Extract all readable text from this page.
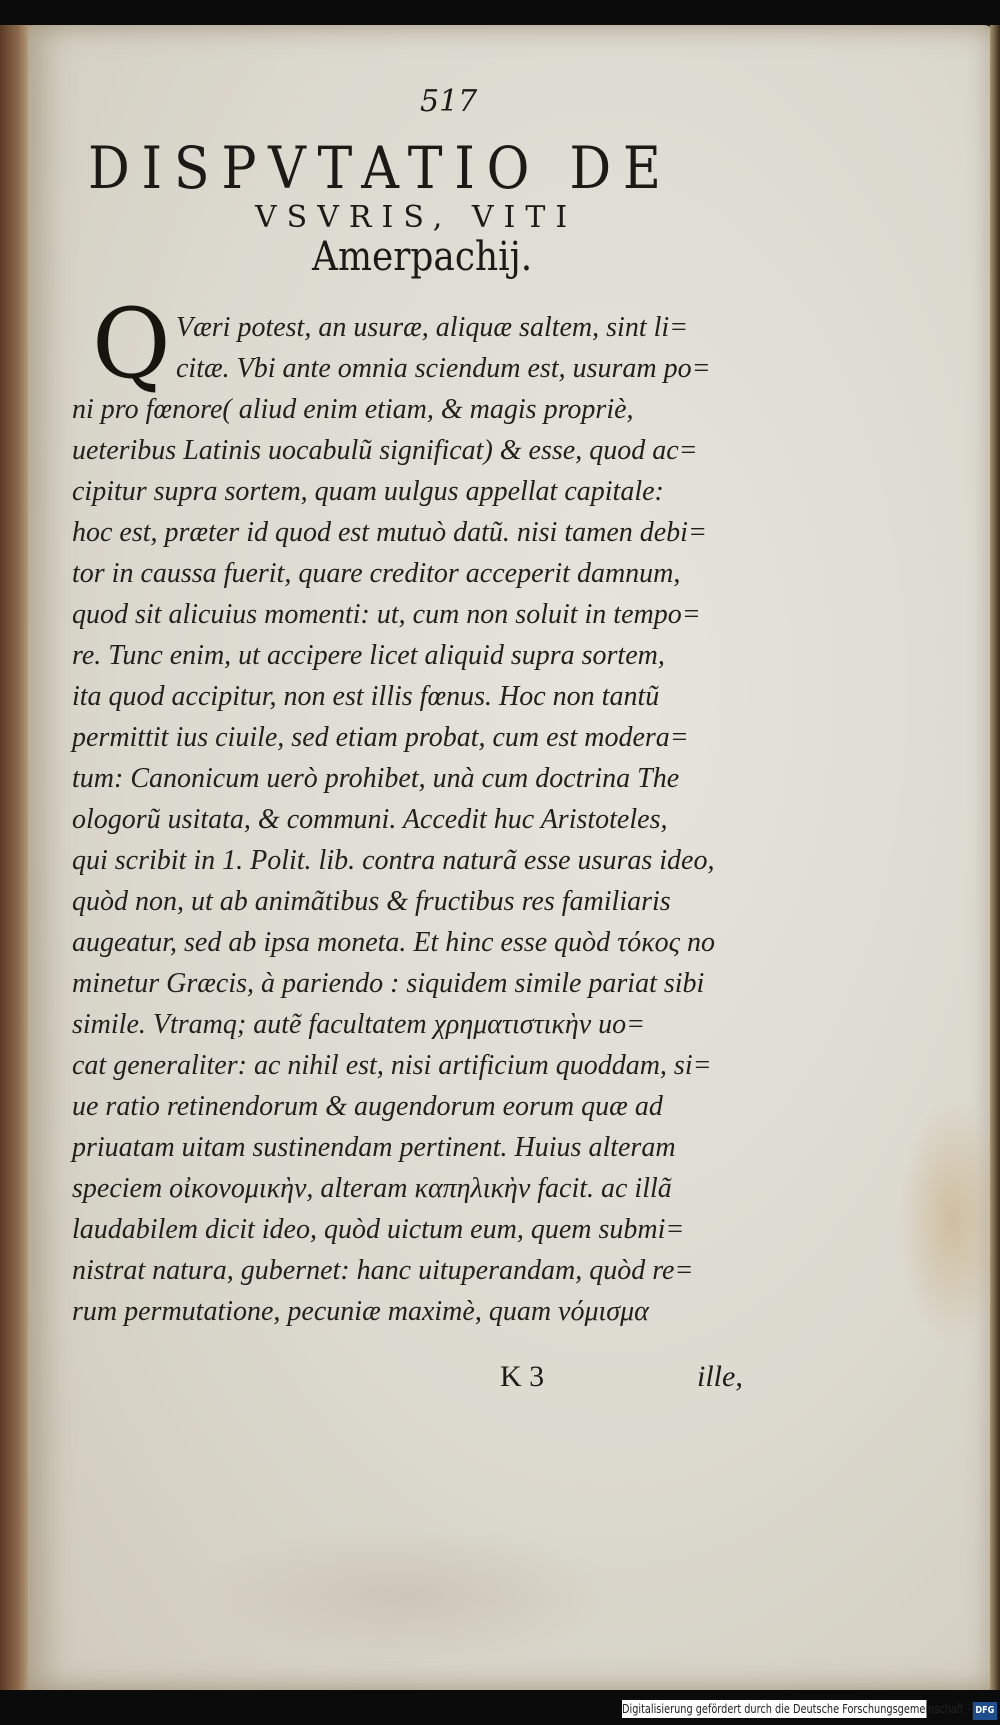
517
DISPVTATIO DE
VSVRIS, VITI
Amerpachij.
Q Væri potest, an usuræ, aliquæ saltem, sint li=
citæ. Vbi ante omnia sciendum est, usuram po=
ni pro fœnore( aliud enim etiam, & magis propriè,
ueteribus Latinis uocabulũ significat) & esse, quod ac=
cipitur supra sortem, quam uulgus appellat capitale:
hoc est, præter id quod est mutuò datũ. nisi tamen debi=
tor in caussa fuerit, quare creditor acceperit damnum,
quod sit alicuius momenti: ut, cum non soluit in tempo=
re. Tunc enim, ut accipere licet aliquid supra sortem,
ita quod accipitur, non est illis fœnus. Hoc non tantũ
permittit ius ciuile, sed etiam probat, cum est modera=
tum: Canonicum uerò prohibet, unà cum doctrina The
ologorũ usitata, & communi. Accedit huc Aristoteles,
qui scribit in 1. Polit. lib. contra naturã esse usuras ideo,
quòd non, ut ab animãtibus & fructibus res familiaris
augeatur, sed ab ipsa moneta. Et hinc esse quòd τόκος no
minetur Græcis, à pariendo : siquidem simile pariat sibi
simile. Vtramq; autẽ facultatem χρηματιστικὴν uo=
cat generaliter: ac nihil est, nisi artificium quoddam, si=
ue ratio retinendorum & augendorum eorum quæ ad
priuatam uitam sustinendam pertinent. Huius alteram
speciem οἰκονομικὴν, alteram καπηλικὴν facit. ac illã
laudabilem dicit ideo, quòd uictum eum, quem submi=
nistrat natura, gubernet: hanc uituperandam, quòd re=
rum permutatione, pecuniæ maximè, quam νόμισμα
K 3	ille,
Digitalisierung gefördert durch die Deutsche Forschungsgemeinschaft - DFG
